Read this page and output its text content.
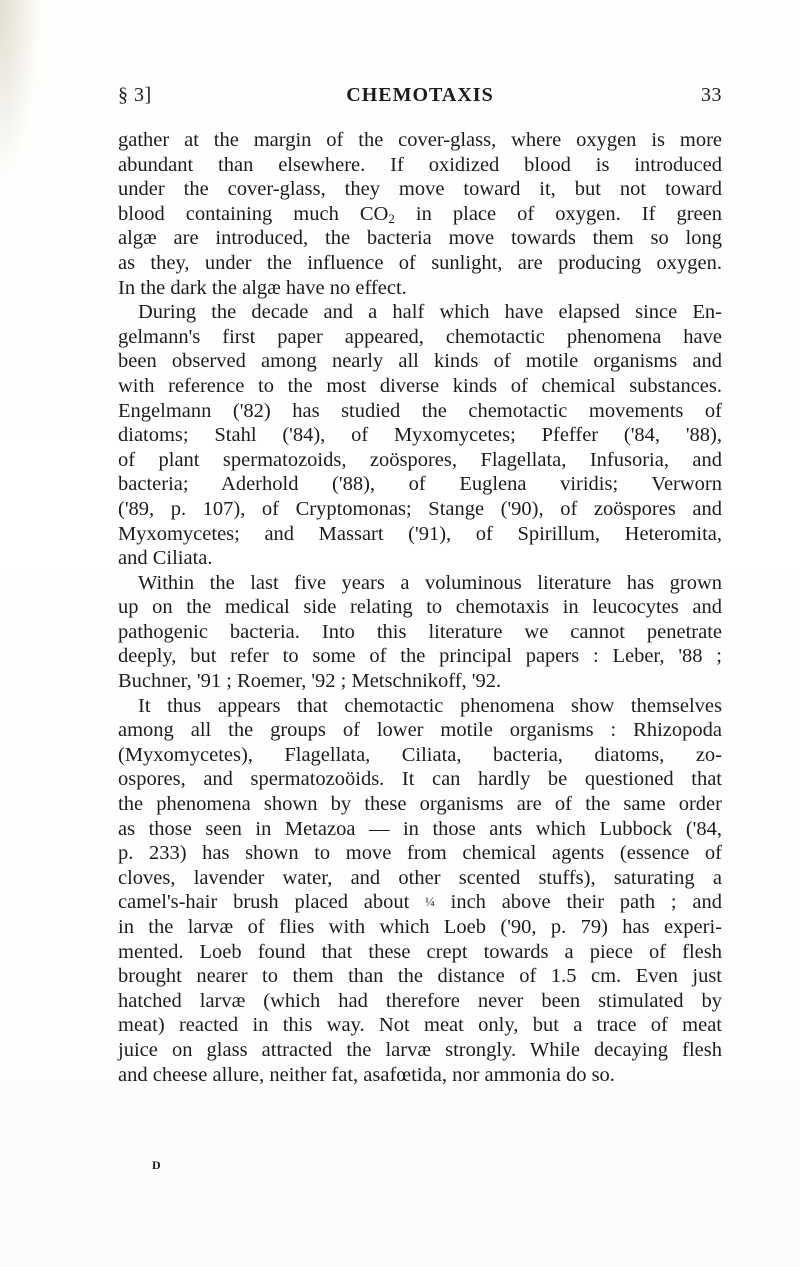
§ 3]	CHEMOTAXIS	33
gather at the margin of the cover-glass, where oxygen is more
abundant than elsewhere. If oxidized blood is introduced
under the cover-glass, they move toward it, but not toward
blood containing much $CO_2$ in place of oxygen. If green
algæ are introduced, the bacteria move towards them so long
as they, under the influence of sunlight, are producing oxygen.
In the dark the algæ have no effect.
During the decade and a half which have elapsed since En-
gelmann's first paper appeared, chemotactic phenomena have
been observed among nearly all kinds of motile organisms and
with reference to the most diverse kinds of chemical substances.
Engelmann ('82) has studied the chemotactic movements of
diatoms; Stahl ('84), of Myxomycetes; Pfeffer ('84, '88),
of plant spermatozoids, zoöspores, Flagellata, Infusoria, and
bacteria; Aderhold ('88), of Euglena viridis; Verworn
('89, p. 107), of Cryptomonas; Stange ('90), of zoöspores and
Myxomycetes; and Massart ('91), of Spirillum, Heteromita,
and Ciliata.
Within the last five years a voluminous literature has grown
up on the medical side relating to chemotaxis in leucocytes and
pathogenic bacteria. Into this literature we cannot penetrate
deeply, but refer to some of the principal papers : Leber, '88 ;
Buchner, '91 ; Roemer, '92 ; Metschnikoff, '92.
It thus appears that chemotactic phenomena show themselves
among all the groups of lower motile organisms : Rhizopoda
(Myxomycetes), Flagellata, Ciliata, bacteria, diatoms, zo-
ospores, and spermatozoöids. It can hardly be questioned that
the phenomena shown by these organisms are of the same order
as those seen in Metazoa — in those ants which Lubbock ('84,
p. 233) has shown to move from chemical agents (essence of
cloves, lavender water, and other scented stuffs), saturating a
camel's-hair brush placed about ¼ inch above their path ; and
in the larvæ of flies with which Loeb ('90, p. 79) has experi-
mented. Loeb found that these crept towards a piece of flesh
brought nearer to them than the distance of 1.5 cm. Even just
hatched larvæ (which had therefore never been stimulated by
meat) reacted in this way. Not meat only, but a trace of meat
juice on glass attracted the larvæ strongly. While decaying flesh
and cheese allure, neither fat, asafœtida, nor ammonia do so.
D
